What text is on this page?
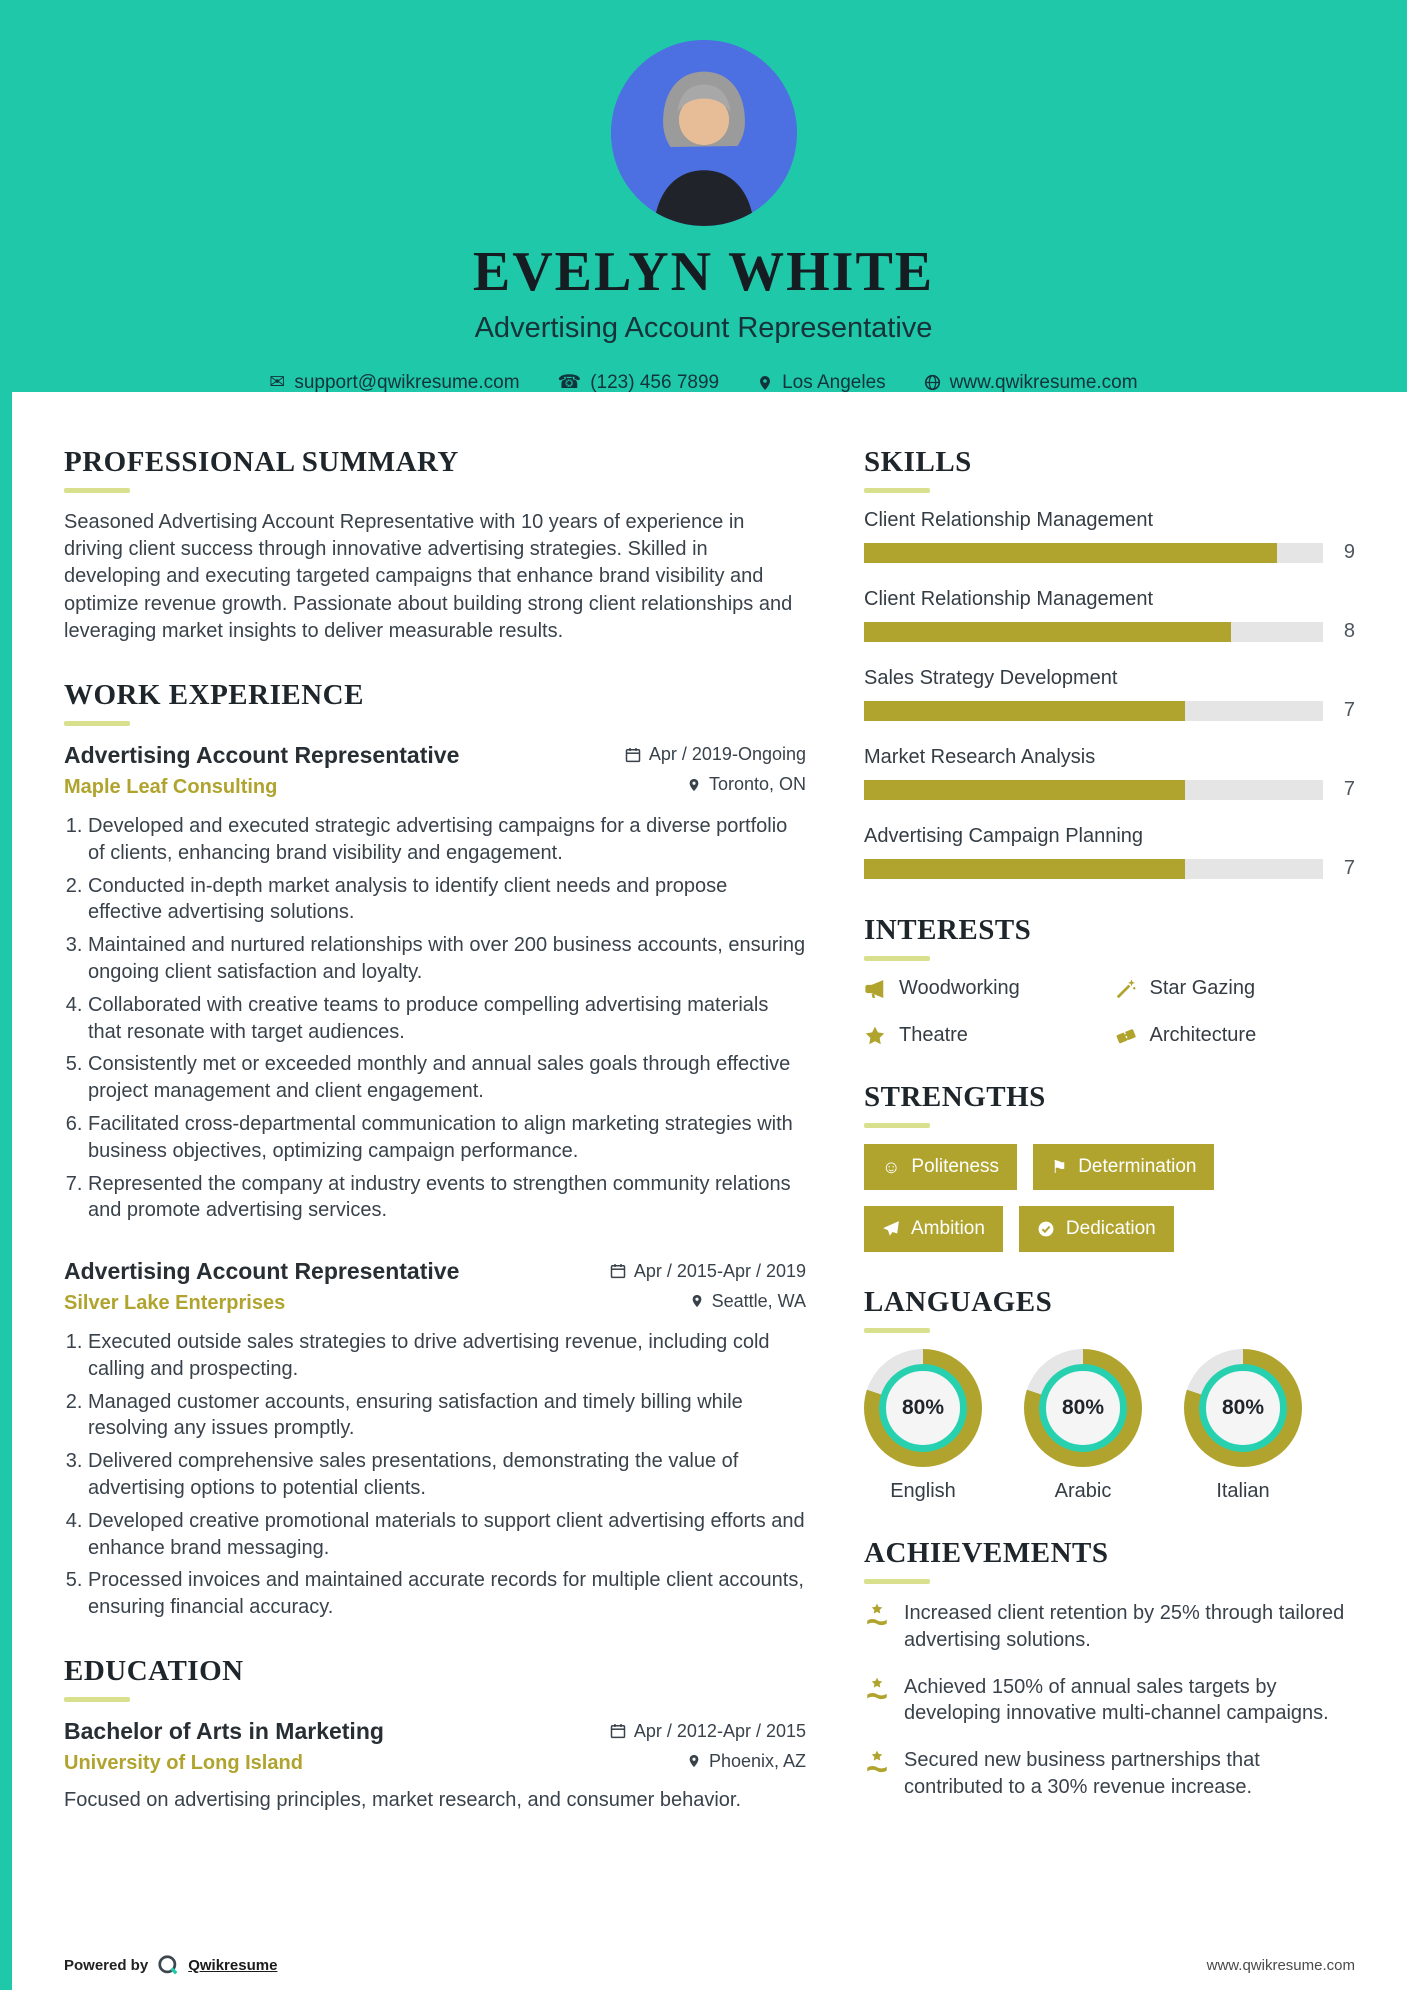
EVELYN WHITE
Advertising Account Representative
✉ support@qwikresume.com ☎ (123) 456 7899	Los Angeles	www.qwikresume.com
PROFESSIONAL SUMMARY

Seasoned Advertising Account Representative with 10 years of experience in driving client success through innovative advertising strategies. Skilled in developing and executing targeted campaigns that enhance brand visibility and optimize revenue growth. Passionate about building strong client relationships and leveraging market insights to deliver measurable results.

WORK EXPERIENCE
Advertising Account Representative	Apr / 2019-Ongoing
Maple Leaf Consulting	Toronto, ON
1. Developed and executed strategic advertising campaigns for a diverse portfolio of clients, enhancing brand visibility and engagement.
2. Conducted in-depth market analysis to identify client needs and propose effective advertising solutions.
3. Maintained and nurtured relationships with over 200 business accounts, ensuring ongoing client satisfaction and loyalty.
4. Collaborated with creative teams to produce compelling advertising materials that resonate with target audiences.
5. Consistently met or exceeded monthly and annual sales goals through effective project management and client engagement.
6. Facilitated cross-departmental communication to align marketing strategies with business objectives, optimizing campaign performance.
7. Represented the company at industry events to strengthen community relations and promote advertising services.
Advertising Account Representative	Apr / 2015-Apr / 2019
Silver Lake Enterprises	Seattle, WA
1. Executed outside sales strategies to drive advertising revenue, including cold calling and prospecting.
2. Managed customer accounts, ensuring satisfaction and timely billing while resolving any issues promptly.
3. Delivered comprehensive sales presentations, demonstrating the value of advertising options to potential clients.
4. Developed creative promotional materials to support client advertising efforts and enhance brand messaging.
5. Processed invoices and maintained accurate records for multiple client accounts, ensuring financial accuracy.
EDUCATION
Bachelor of Arts in Marketing	Apr / 2012-Apr / 2015
University of Long Island	Phoenix, AZ

Focused on advertising principles, market research, and consumer behavior.

SKILLS
Client Relationship Management
9
Client Relationship Management
8
Sales Strategy Development
7
Market Research Analysis
7
Advertising Campaign Planning
7
INTERESTS
Woodworking	Star Gazing
Theatre	Architecture
STRENGTHS
☺ Politeness	⚑ Determination
Ambition	Dedication
LANGUAGES
80%
English
80%
Arabic
80%
Italian
ACHIEVEMENTS
Increased client retention by 25% through tailored advertising solutions.
Achieved 150% of annual sales targets by developing innovative multi-channel campaigns.
Secured new business partnerships that contributed to a 30% revenue increase.
Powered by	Qwikresume	www.qwikresume.com
